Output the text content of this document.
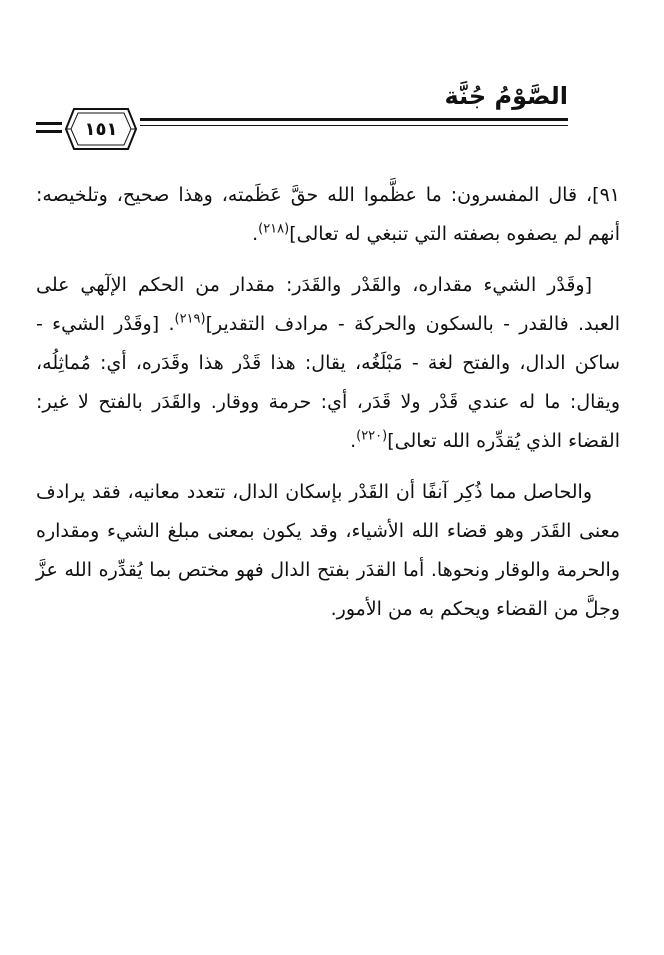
الصَّوْمُ جُنَّة
١٥١

٩١]، قال المفسرون: ما عظَّموا الله حقَّ عَظَمته، وهذا صحيح، وتلخيصه: أنهم لم يصفوه بصفته التي تنبغي له تعالى]$^{(٢١٨)}$.

[وقَدْر الشيء مقداره، والقَدْر والقَدَر: مقدار من الحكم الإلٓهي على العبد. فالقدر - بالسكون والحركة - مرادف التقدير]$^{(٢١٩)}$. [وقَدْر الشيء - ساكن الدال، والفتح لغة - مَبْلَغُه، يقال: هذا قَدْر هذا وقَدَره، أي: مُماثِلُه، ويقال: ما له عندي قَدْر ولا قَدَر، أي: حرمة ووقار. والقَدَر بالفتح لا غير: القضاء الذي يُقدِّره الله تعالى]$^{(٢٢٠)}$.

والحاصل مما ذُكِر آنفًا أن القَدْر بإسكان الدال، تتعدد معانيه، فقد يرادف معنى القَدَر وهو قضاء الله الأشياء، وقد يكون بمعنى مبلغ الشيء ومقداره والحرمة والوقار ونحوها. أما القدَر بفتح الدال فهو مختص بما يُقدِّره الله عزَّ وجلَّ من القضاء ويحكم به من الأمور.
